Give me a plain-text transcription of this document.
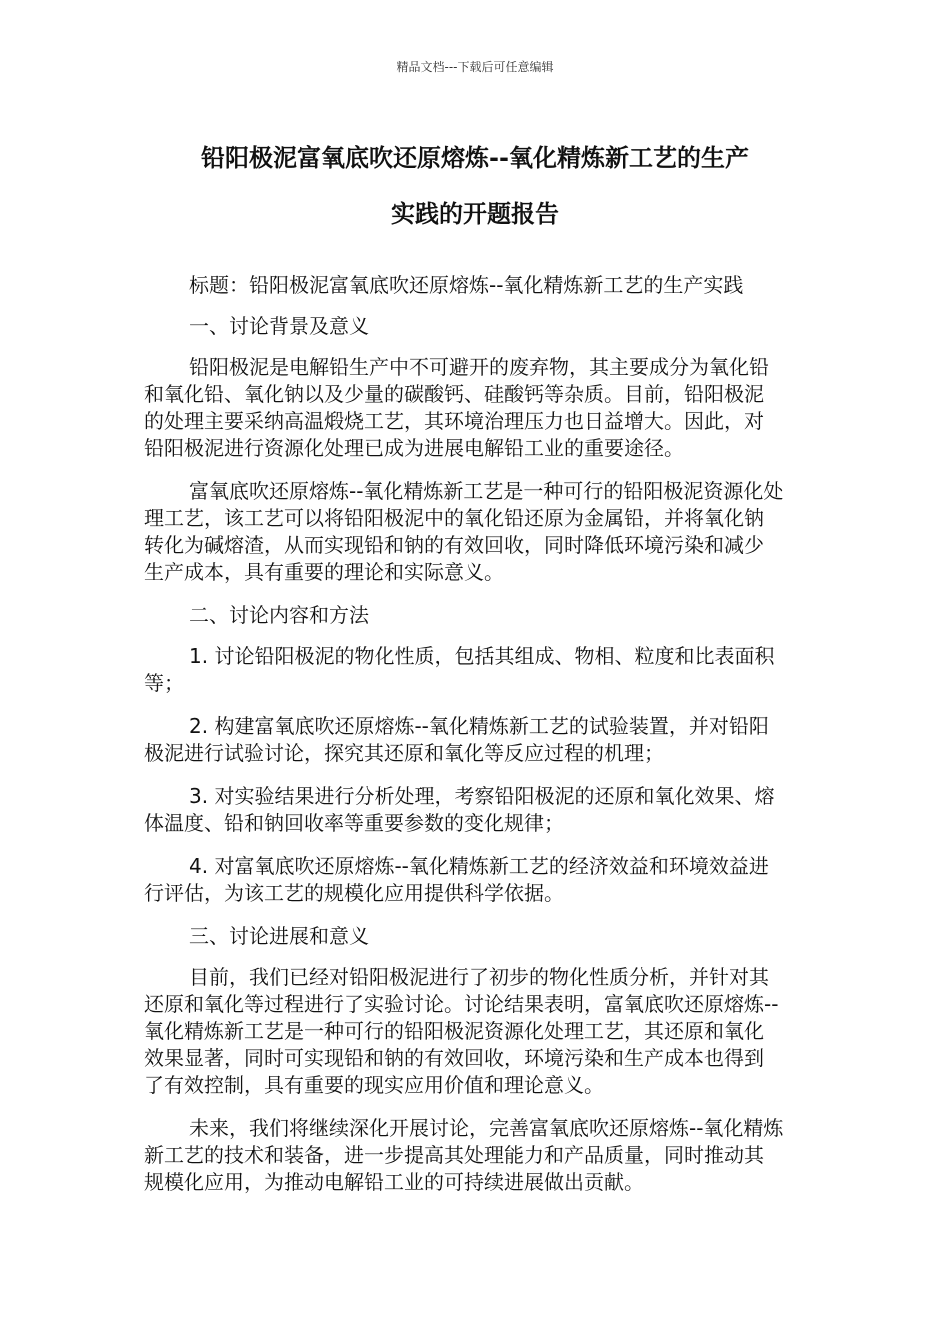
精品文档---下载后可任意编辑
铅阳极泥富氧底吹还原熔炼--氧化精炼新工艺的生产
实践的开题报告
标题：铅阳极泥富氧底吹还原熔炼--氧化精炼新工艺的生产实践
一、讨论背景及意义
铅阳极泥是电解铅生产中不可避开的废弃物，其主要成分为氧化铅
和氧化铅、氧化钠以及少量的碳酸钙、硅酸钙等杂质。目前，铅阳极泥
的处理主要采纳高温煅烧工艺，其环境治理压力也日益增大。因此，对
铅阳极泥进行资源化处理已成为进展电解铅工业的重要途径。
富氧底吹还原熔炼--氧化精炼新工艺是一种可行的铅阳极泥资源化处
理工艺，该工艺可以将铅阳极泥中的氧化铅还原为金属铅，并将氧化钠
转化为碱熔渣，从而实现铅和钠的有效回收，同时降低环境污染和减少
生产成本，具有重要的理论和实际意义。
二、讨论内容和方法
1. 讨论铅阳极泥的物化性质，包括其组成、物相、粒度和比表面积
等；
2. 构建富氧底吹还原熔炼--氧化精炼新工艺的试验装置，并对铅阳
极泥进行试验讨论，探究其还原和氧化等反应过程的机理；
3. 对实验结果进行分析处理，考察铅阳极泥的还原和氧化效果、熔
体温度、铅和钠回收率等重要参数的变化规律；
4. 对富氧底吹还原熔炼--氧化精炼新工艺的经济效益和环境效益进
行评估，为该工艺的规模化应用提供科学依据。
三、讨论进展和意义
目前，我们已经对铅阳极泥进行了初步的物化性质分析，并针对其
还原和氧化等过程进行了实验讨论。讨论结果表明，富氧底吹还原熔炼--
氧化精炼新工艺是一种可行的铅阳极泥资源化处理工艺，其还原和氧化
效果显著，同时可实现铅和钠的有效回收，环境污染和生产成本也得到
了有效控制，具有重要的现实应用价值和理论意义。
未来，我们将继续深化开展讨论，完善富氧底吹还原熔炼--氧化精炼
新工艺的技术和装备，进一步提高其处理能力和产品质量，同时推动其
规模化应用，为推动电解铅工业的可持续进展做出贡献。
